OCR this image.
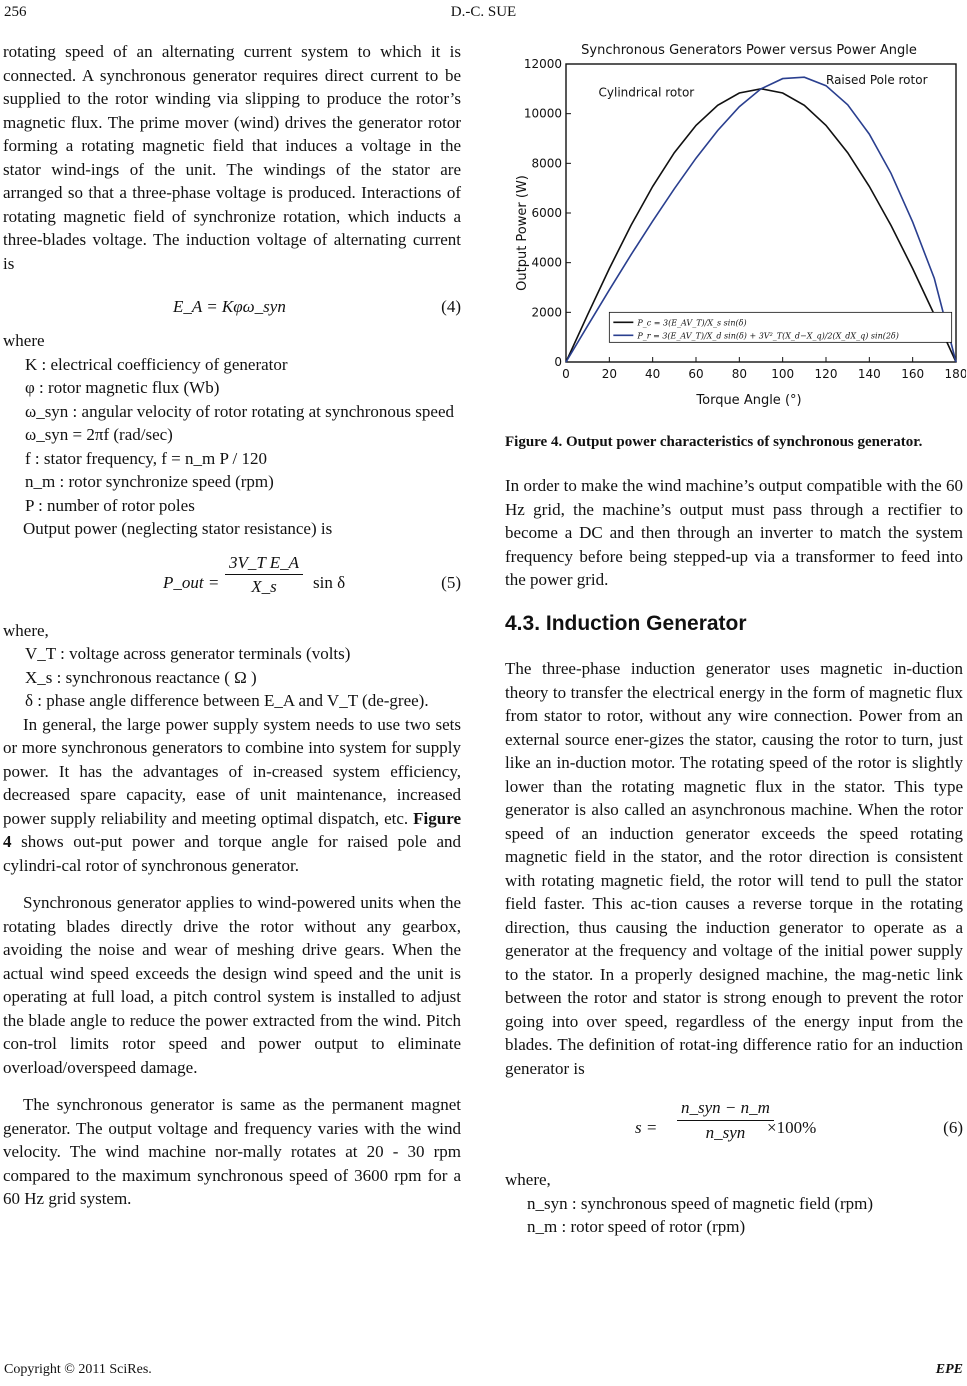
256	D.-C. SUE

rotating speed of an alternating current system to which it is connected. A synchronous generator requires direct current to be supplied to the rotor winding via slipping to produce the rotor’s magnetic flux. The prime mover (wind) drives the generator rotor forming a rotating magnetic field that induces a voltage in the stator wind-ings of the unit. The windings of the stator are arranged so that a three-phase voltage is produced. Interactions of rotating magnetic field of synchronize rotation, which inducts a three-blades voltage. The induction voltage of alternating current is

E_A = Kφω_syn	(4)

where

K : electrical coefficiency of generator
φ : rotor magnetic flux (Wb)
ω_syn : angular velocity of rotor rotating at synchronous speed
ω_syn = 2πf (rad/sec)
f : stator frequency, f = n_m P / 120
n_m : rotor synchronize speed (rpm)
P : number of rotor poles

Output power (neglecting stator resistance) is

P_out = $\frac{\text{3V\_T E\_A}}{X\_s}$ sin δ	(5)

where,

V_T : voltage across generator terminals (volts)
X_s : synchronous reactance ( Ω )
δ : phase angle difference between E_A and V_T (de-gree).

In general, the large power supply system needs to use two sets or more synchronous generators to combine into system for supply power. It has the advantages of in-creased system efficiency, decreased spare capacity, ease of unit maintenance, increased power supply reliability and meeting optimal dispatch, etc. Figure 4 shows out-put power and torque angle for raised pole and cylindri-cal rotor of synchronous generator.

Synchronous generator applies to wind-powered units when the rotating blades directly drive the rotor without any gearbox, avoiding the noise and wear of meshing drive gears. When the actual wind speed exceeds the design wind speed and the unit is operating at full load, a pitch control system is installed to adjust the blade angle to reduce the power extracted from the wind. Pitch con-trol limits rotor speed and power output to eliminate overload/overspeed damage.

The synchronous generator is same as the permanent magnet generator. The output voltage and frequency varies with the wind velocity. The wind machine nor-mally rotates at 20 - 30 rpm compared to the maximum synchronous speed of 3600 rpm for a 60 Hz grid system.

Synchronous Generators Power versus Power Angle
0	20 40 60 80 100 120 140 160 180
0
2000
4000
6000
8000
10000
12000
Cylindrical rotor
Raised Pole rotor
P_c = 3(E_AV_T)/X_s sin(δ)
P_r = 3(E_AV_T)/X_d sin(δ) + 3V²_T(X_d−X_q)/2(X_dX_q) sin(2δ)
Torque Angle (°)
Output Power (W)

Figure 4. Output power characteristics of synchronous generator.

In order to make the wind machine’s output compatible with the 60 Hz grid, the machine’s output must pass through a rectifier to become a DC and then through an inverter to match the system frequency before being stepped-up via a transformer to feed into the power grid.

4.3. Induction Generator

The three-phase induction generator uses magnetic in-duction theory to transfer the electrical energy in the form of magnetic flux from stator to rotor, without any wire connection. Power from an external source ener-gizes the stator, causing the rotor to turn, just like an in-duction motor. The rotating speed of the rotor is slightly lower than the rotating magnetic flux in the stator. This type generator is also called an asynchronous machine. When the rotor speed of an induction generator exceeds the speed rotating magnetic field in the stator, and the rotor direction is consistent with rotating magnetic field, the rotor will tend to pull the stator field faster. This ac-tion causes a reverse torque in the rotating direction, thus causing the induction generator to operate as a generator at the frequency and voltage of the initial power supply to the stator. In a properly designed machine, the mag-netic link between the rotor and stator is strong enough to prevent the rotor going into over speed, regardless of the energy input from the blades. The definition of rotat-ing difference ratio for an induction generator is

s =
n_syn − n_m
n_syn	×100%	(6)

where,

n_syn : synchronous speed of magnetic field (rpm)
n_m : rotor speed of rotor (rpm)
Copyright © 2011 SciRes.	EPE
